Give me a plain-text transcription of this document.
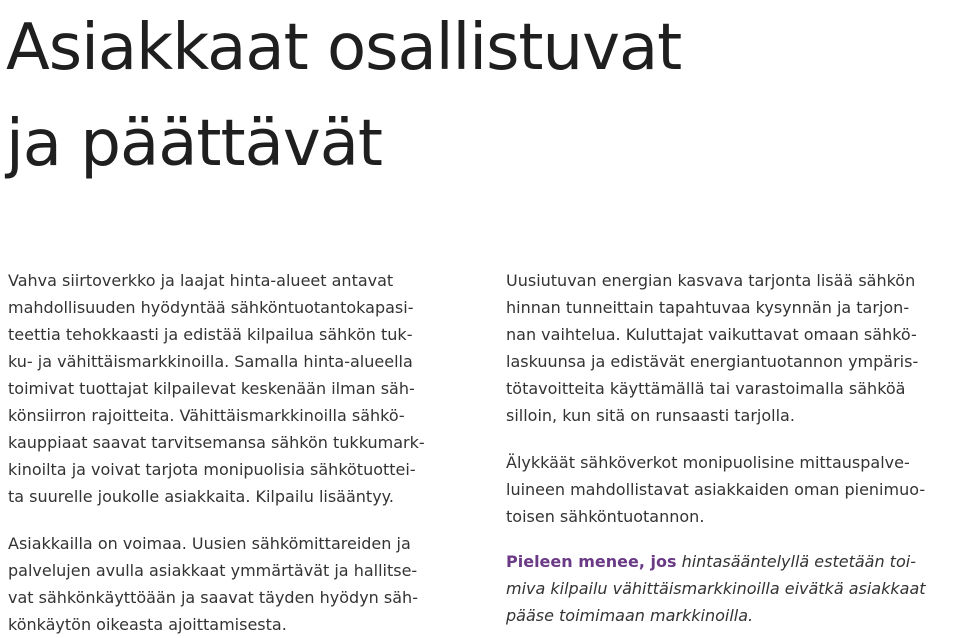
Asiakkaat osallistuvat
ja päättävät

Vahva siirtoverkko ja laajat hinta-alueet antavat
mahdollisuuden hyödyntää sähköntuotantokapasi-
teettia tehokkaasti ja edistää kilpailua sähkön tuk-
ku- ja vähittäismarkkinoilla. Samalla hinta-alueella
toimivat tuottajat kilpailevat keskenään ilman säh-
könsiirron rajoitteita. Vähittäismarkkinoilla sähkö-
kauppiaat saavat tarvitsemansa sähkön tukkumark-
kinoilta ja voivat tarjota monipuolisia sähkötuottei-
ta suurelle joukolle asiakkaita. Kilpailu lisääntyy.

Asiakkailla on voimaa. Uusien sähkömittareiden ja
palvelujen avulla asiakkaat ymmärtävät ja hallitse-
vat sähkönkäyttöään ja saavat täyden hyödyn säh-
könkäytön oikeasta ajoittamisesta.

Uusiutuvan energian kasvava tarjonta lisää sähkön
hinnan tunneittain tapahtuvaa kysynnän ja tarjon-
nan vaihtelua. Kuluttajat vaikuttavat omaan sähkö-
laskuunsa ja edistävät energiantuotannon ympäris-
tötavoitteita käyttämällä tai varastoimalla sähköä
silloin, kun sitä on runsaasti tarjolla.

Älykkäät sähköverkot monipuolisine mittauspalve-
luineen mahdollistavat asiakkaiden oman pienimuo-
toisen sähköntuotannon.

Pieleen menee, jos hintasääntelyllä estetään toi-
miva kilpailu vähittäismarkkinoilla eivätkä asiakkaat
pääse toimimaan markkinoilla.
